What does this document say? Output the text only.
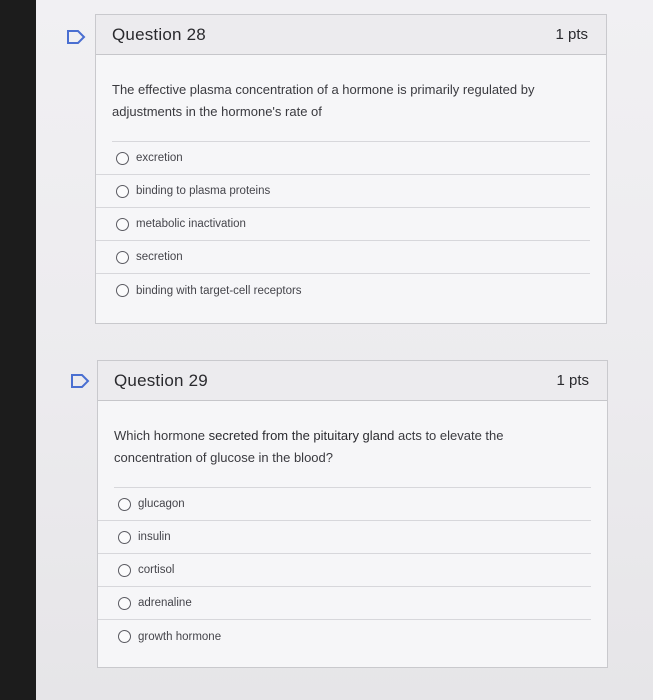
Question 28	1 pts
The effective plasma concentration of a hormone is primarily regulated by adjustments in the hormone's rate of
excretion
binding to plasma proteins
metabolic inactivation
secretion
binding with target-cell receptors
Question 29	1 pts
Which hormone secreted from the pituitary gland acts to elevate the concentration of glucose in the blood?
glucagon
insulin
cortisol
adrenaline
growth hormone
